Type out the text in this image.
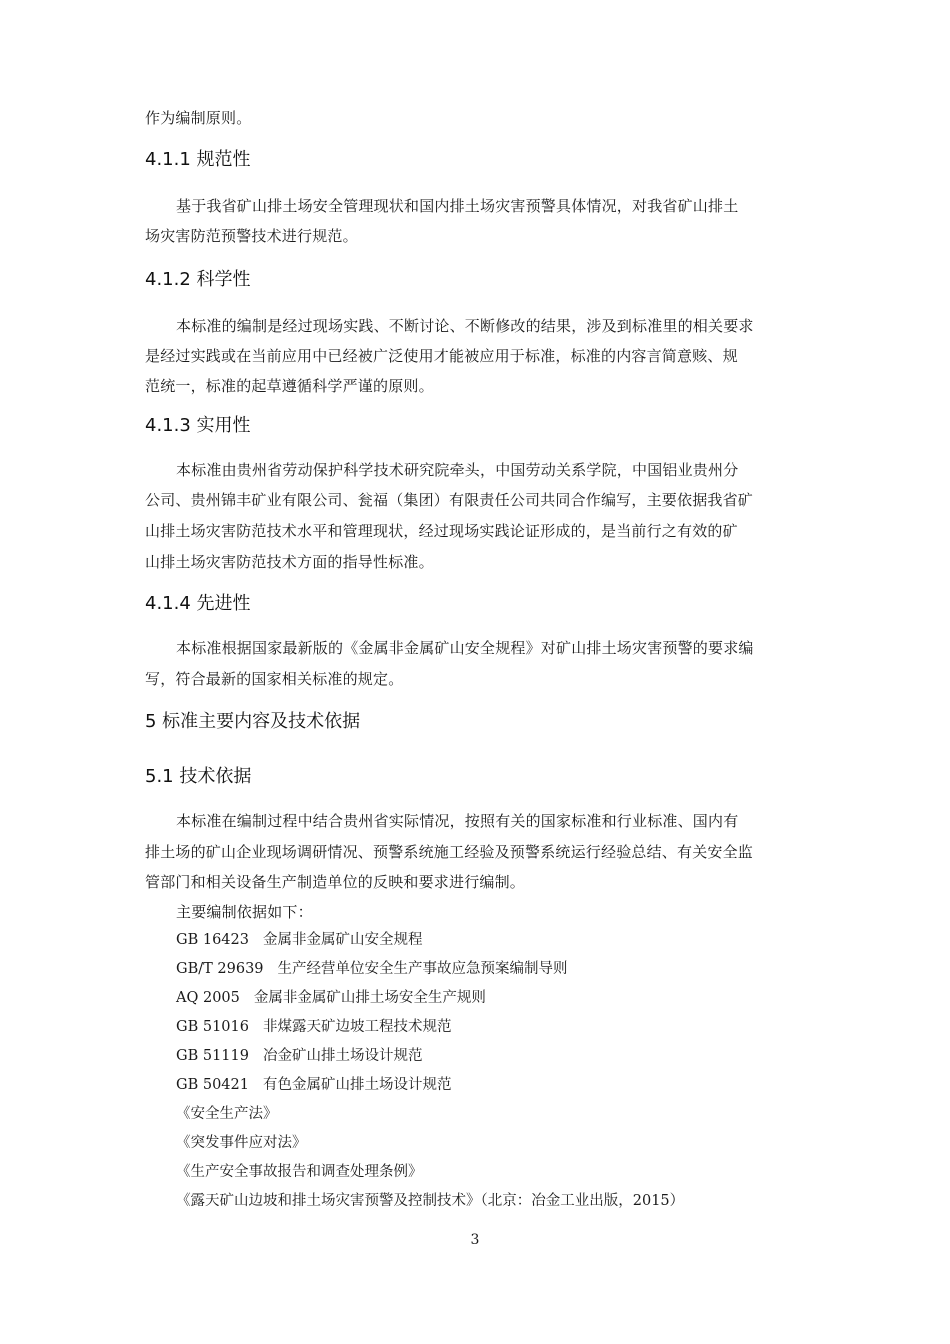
作为编制原则。
4.1.1 规范性
基于我省矿山排土场安全管理现状和国内排土场灾害预警具体情况，对我省矿山排土
场灾害防范预警技术进行规范。
4.1.2 科学性
本标准的编制是经过现场实践、不断讨论、不断修改的结果，涉及到标准里的相关要求
是经过实践或在当前应用中已经被广泛使用才能被应用于标准，标准的内容言简意赅、规
范统一，标准的起草遵循科学严谨的原则。
4.1.3 实用性
本标准由贵州省劳动保护科学技术研究院牵头，中国劳动关系学院，中国铝业贵州分
公司、贵州锦丰矿业有限公司、瓮福（集团）有限责任公司共同合作编写，主要依据我省矿
山排土场灾害防范技术水平和管理现状，经过现场实践论证形成的，是当前行之有效的矿
山排土场灾害防范技术方面的指导性标准。
4.1.4 先进性
本标准根据国家最新版的《金属非金属矿山安全规程》对矿山排土场灾害预警的要求编
写，符合最新的国家相关标准的规定。
5 标准主要内容及技术依据
5.1 技术依据
本标准在编制过程中结合贵州省实际情况，按照有关的国家标准和行业标准、国内有
排土场的矿山企业现场调研情况、预警系统施工经验及预警系统运行经验总结、有关安全监
管部门和相关设备生产制造单位的反映和要求进行编制。
主要编制依据如下：
GB 16423 金属非金属矿山安全规程
GB/T 29639 生产经营单位安全生产事故应急预案编制导则
AQ 2005 金属非金属矿山排土场安全生产规则
GB 51016 非煤露天矿边坡工程技术规范
GB 51119 冶金矿山排土场设计规范
GB 50421 有色金属矿山排土场设计规范
《安全生产法》
《突发事件应对法》
《生产安全事故报告和调查处理条例》
《露天矿山边坡和排土场灾害预警及控制技术》（北京：冶金工业出版，2015）
3
